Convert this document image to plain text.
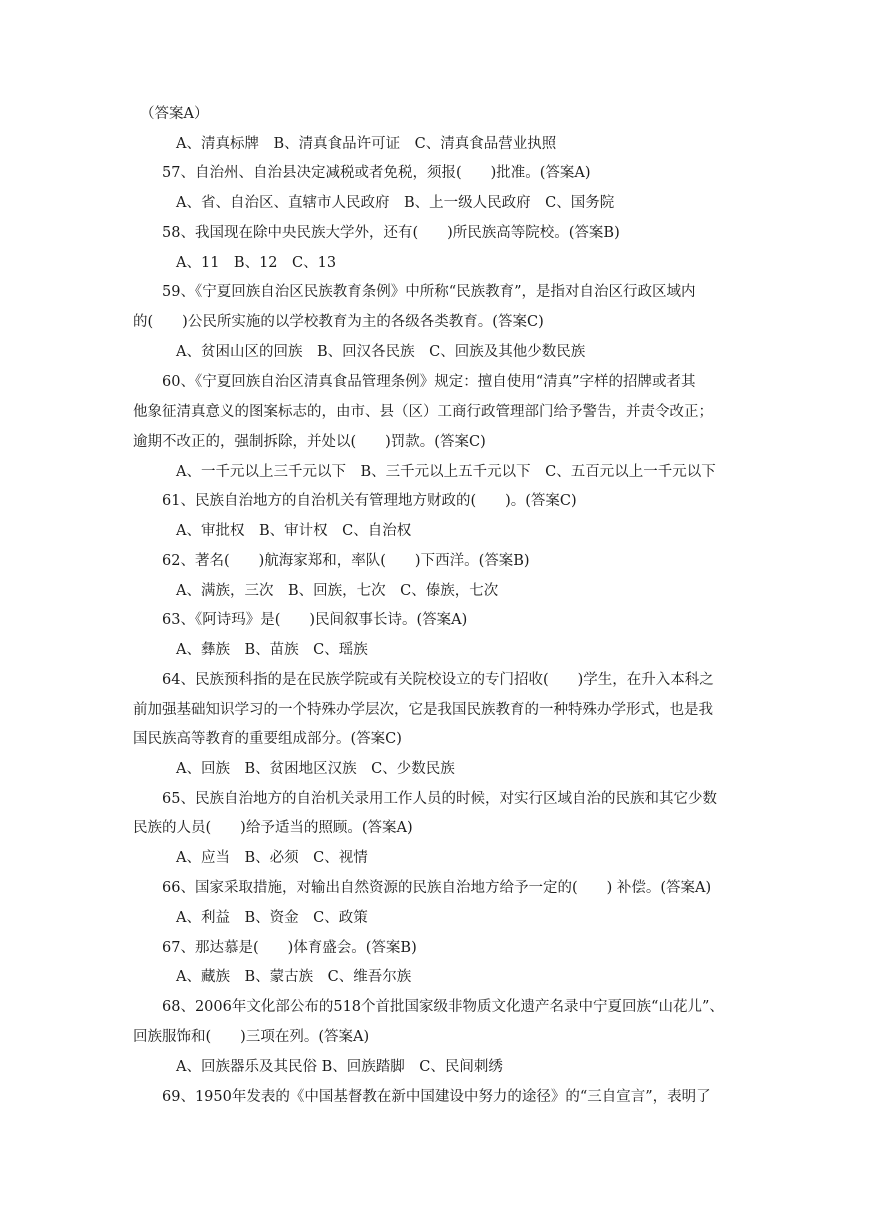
（答案A）
A、清真标牌　B、清真食品许可证　C、清真食品营业执照
57、自治州、自治县决定减税或者免税，须报(　　)批准。(答案A)
A、省、自治区、直辖市人民政府　B、上一级人民政府　C、国务院
58、我国现在除中央民族大学外，还有(　　)所民族高等院校。(答案B)
A、11　B、12　C、13
59、《宁夏回族自治区民族教育条例》中所称“民族教育”，是指对自治区行政区域内
的(　　)公民所实施的以学校教育为主的各级各类教育。(答案C)
A、贫困山区的回族　B、回汉各民族　C、回族及其他少数民族
60、《宁夏回族自治区清真食品管理条例》规定：擅自使用“清真”字样的招牌或者其
他象征清真意义的图案标志的，由市、县（区）工商行政管理部门给予警告，并责令改正；
逾期不改正的，强制拆除，并处以(　　)罚款。(答案C)
A、一千元以上三千元以下　B、三千元以上五千元以下　C、五百元以上一千元以下
61、民族自治地方的自治机关有管理地方财政的(　　)。(答案C)
A、审批权　B、审计权　C、自治权
62、著名(　　)航海家郑和，率队(　　)下西洋。(答案B)
A、满族，三次　B、回族，七次　C、傣族，七次
63、《阿诗玛》是(　　)民间叙事长诗。(答案A)
A、彝族　B、苗族　C、瑶族
64、民族预科指的是在民族学院或有关院校设立的专门招收(　　)学生，在升入本科之
前加强基础知识学习的一个特殊办学层次，它是我国民族教育的一种特殊办学形式，也是我
国民族高等教育的重要组成部分。(答案C)
A、回族　B、贫困地区汉族　C、少数民族
65、民族自治地方的自治机关录用工作人员的时候，对实行区域自治的民族和其它少数
民族的人员(　　)给予适当的照顾。(答案A)
A、应当　B、必须　C、视情
66、国家采取措施，对输出自然资源的民族自治地方给予一定的(　　) 补偿。(答案A)
A、利益　B、资金　C、政策
67、那达慕是(　　)体育盛会。(答案B)
A、藏族　B、蒙古族　C、维吾尔族
68、2006年文化部公布的518个首批国家级非物质文化遗产名录中宁夏回族“山花儿”、
回族服饰和(　　)三项在列。(答案A)
A、回族器乐及其民俗 B、回族踏脚　C、民间刺绣
69、1950年发表的《中国基督教在新中国建设中努力的途径》的“三自宣言”，表明了
